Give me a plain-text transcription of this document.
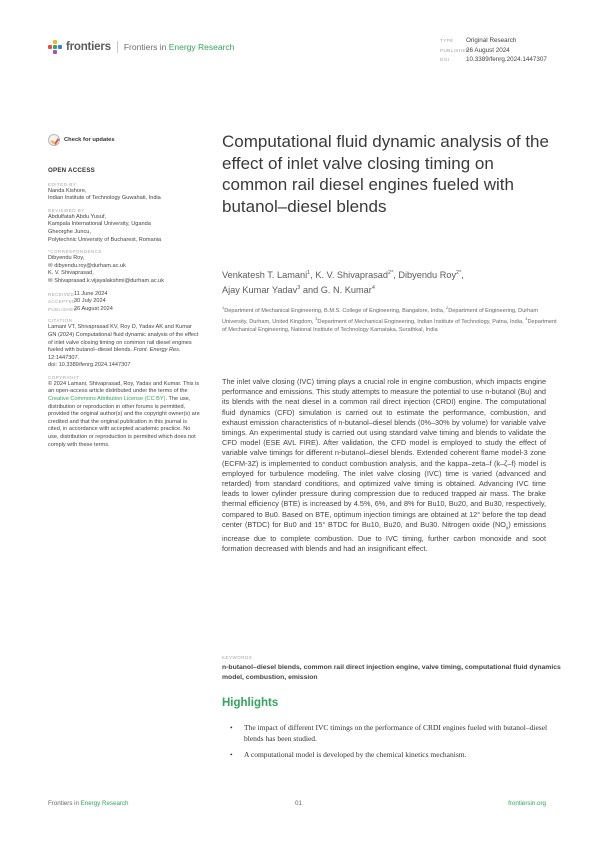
frontiers Frontiers in Energy Research
TYPE Original Research
PUBLISHED26 August 2024
DOI	10.3389/fenrg.2024.1447307
Check for updates
OPEN ACCESS
EDITED BY
Nanda Kishore,
Indian Institute of Technology Guwahati, India
REVIEWED BY
Abdulfatah Abdu Yusuf,
Kampala International University, Uganda
Gheorghe Juncu,
Polytechnic University of Bucharest, Romania
*CORRESPONDENCE
Dibyendu Roy,
✉ dibyendu.roy@durham.ac.uk
K. V. Shivaprasad,
✉ Shivaprasad.k.vijayalakshmi@durham.ac.uk
RECEIVED 11 June 2024
ACCEPTED
30 July 2024
PUBLISHED
26 August 2024
CITATION
Lamani VT, Shivaprasad KV, Roy D, Yadav AK and Kumar GN (2024) Computational fluid dynamic analysis of the effect of inlet valve closing timing on common rail diesel engines fueled with butanol–diesel blends. Front. Energy Res. 12:1447307.
doi: 10.3389/fenrg.2024.1447307
COPYRIGHT
© 2024 Lamani, Shivaprasad, Roy, Yadav and Kumar. This is an open-access article distributed under the terms of the Creative Commons Attribution License (CC BY). The use, distribution or reproduction in other forums is permitted, provided the original author(s) and the copyright owner(s) are credited and that the original publication in this journal is cited, in accordance with accepted academic practice. No use, distribution or reproduction is permitted which does not comply with these terms.
Computational fluid dynamic analysis of the effect of inlet valve closing timing on common rail diesel engines fueled with butanol–diesel blends
Venkatesh T. Lamani$^1$, K. V. Shivaprasad$^{2*}$, Dibyendu Roy$^{2*}$,
Ajay Kumar Yadav$^3$ and G. N. Kumar$^4$
$^1$Department of Mechanical Engineering, B.M.S. College of Engineering, Bangalore, India, $^2$Department of Engineering, Durham University, Durham, United Kingdom, $^3$Department of Mechanical Engineering, Indian Institute of Technology, Patna, India, $^4$Department of Mechanical Engineering, National Institute of Technology Karnataka, Surathkal, India

The inlet valve closing (IVC) timing plays a crucial role in engine combustion, which impacts engine performance and emissions. This study attempts to measure the potential to use n-butanol (Bu) and its blends with the neat diesel in a common rail direct injection (CRDI) engine. The computational fluid dynamics (CFD) simulation is carried out to estimate the performance, combustion, and exhaust emission characteristics of n-butanol–diesel blends (0%–30% by volume) for variable valve timings. An experimental study is carried out using standard valve timing and blends to validate the CFD model (ESE AVL FIRE). After validation, the CFD model is employed to study the effect of variable valve timings for different n-butanol–diesel blends. Extended coherent flame model-3 zone (ECFM-3Z) is implemented to conduct combustion analysis, and the kappa–zeta–f (k–ζ–f) model is employed for turbulence modeling. The inlet valve closing (IVC) time is varied (advanced and retarded) from standard conditions, and optimized valve timing is obtained. Advancing IVC time leads to lower cylinder pressure during compression due to reduced trapped air mass. The brake thermal efficiency (BTE) is increased by 4.5%, 6%, and 8% for Bu10, Bu20, and Bu30, respectively, compared to Bu0. Based on BTE, optimum injection timings are obtained at 12° before the top dead center (BTDC) for Bu0 and 15° BTDC for Bu10, Bu20, and Bu30. Nitrogen oxide $(NO_x)$ emissions increase due to complete combustion. Due to IVC timing, further carbon monoxide and soot formation decreased with blends and had an insignificant effect.

KEYWORDS
n-butanol–diesel blends, common rail direct injection engine, valve timing, computational fluid dynamics model, combustion, emission
Highlights
• The impact of different IVC timings on the performance of CRDI engines fueled with butanol–diesel blends has been studied.
• A computational model is developed by the chemical kinetics mechanism.
Frontiers in Energy Research	01	frontiersin.org
